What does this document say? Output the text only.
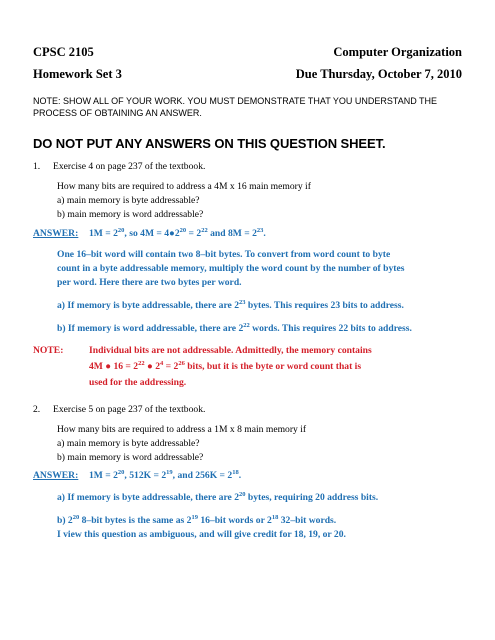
CPSC 2105	Computer Organization
Homework Set 3	Due Thursday, October 7, 2010
NOTE: SHOW ALL OF YOUR WORK. YOU MUST DEMONSTRATE THAT YOU UNDERSTAND THE PROCESS OF OBTAINING AN ANSWER.
DO NOT PUT ANY ANSWERS ON THIS QUESTION SHEET.
1. Exercise 4 on page 237 of the textbook.
How many bits are required to address a 4M x 16 main memory if
a) main memory is byte addressable?
b) main memory is word addressable?
ANSWER: $1M = 2^{20}$, so $4M = 4●2^{20} = 2^{22}$ and $8M = 2^{23}$.
One 16–bit word will contain two 8–bit bytes. To convert from word count to byte
count in a byte addressable memory, multiply the word count by the number of bytes
per word. Here there are two bytes per word.
a) If memory is byte addressable, there are $2^{23}$ bytes. This requires 23 bits to address.
b) If memory is word addressable, there are $2^{22}$ words. This requires 22 bits to address.
NOTE:	Individual bits are not addressable. Admittedly, the memory contains
4M ● $16 = 2^{22}$ ● $2^4 = 2^{26}$ bits, but it is the byte or word count that is
used for the addressing.
2. Exercise 5 on page 237 of the textbook.
How many bits are required to address a 1M x 8 main memory if
a) main memory is byte addressable?
b) main memory is word addressable?
ANSWER: $1M = 2^{20}$, $512K = 2^{19}$, and $256K = 2^{18}$.
a) If memory is byte addressable, there are $2^{20}$ bytes, requiring 20 address bits.
b) $2^{20}$ 8–bit bytes is the same as $2^{19}$ 16–bit words or $2^{18}$ 32–bit words.
I view this question as ambiguous, and will give credit for 18, 19, or 20.
